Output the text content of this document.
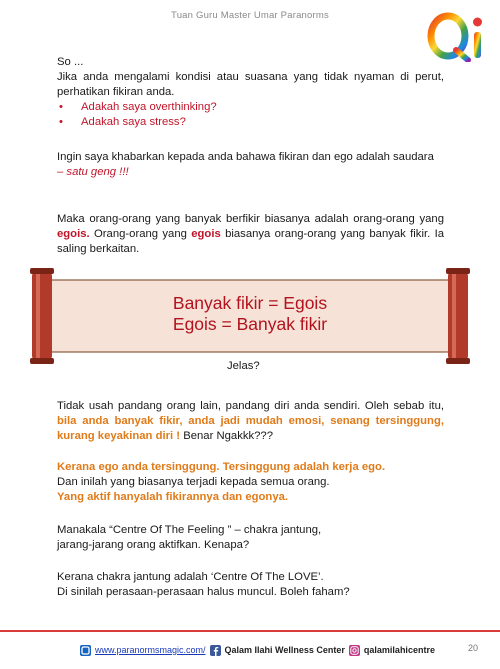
Tuan Guru Master Umar Paranorms

So ...

Jika anda mengalami kondisi atau suasana yang tidak nyaman di perut, perhatikan fikiran anda.

• Adakah saya overthinking?
• Adakah saya stress?

Ingin saya khabarkan kepada anda bahawa fikiran dan ego adalah saudara

– satu geng !!!

Maka orang-orang yang banyak berfikir biasanya adalah orang-orang yang egois. Orang-orang yang egois biasanya orang-orang yang banyak fikir. Ia saling berkaitan.
Banyak fikir = Egois
Egois = Banyak fikir
Jelas?
Tidak usah pandang orang lain, pandang diri anda sendiri. Oleh sebab itu, bila anda banyak fikir, anda jadi mudah emosi, senang tersinggung, kurang keyakinan diri ! Benar Ngakkk???

Kerana ego anda tersinggung. Tersinggung adalah kerja ego.

Dan inilah yang biasanya terjadi kepada semua orang.

Yang aktif hanyalah fikirannya dan egonya.

Manakala “Centre Of The Feeling ” – chakra jantung,

jarang-jarang orang aktifkan. Kenapa?

Kerana chakra jantung adalah ‘Centre Of The LOVE’.

Di sinilah perasaan-perasaan halus muncul. Boleh faham?

www.paranormsmagic.com/ Qalam Ilahi Wellness Center qalamilahicentre	20
